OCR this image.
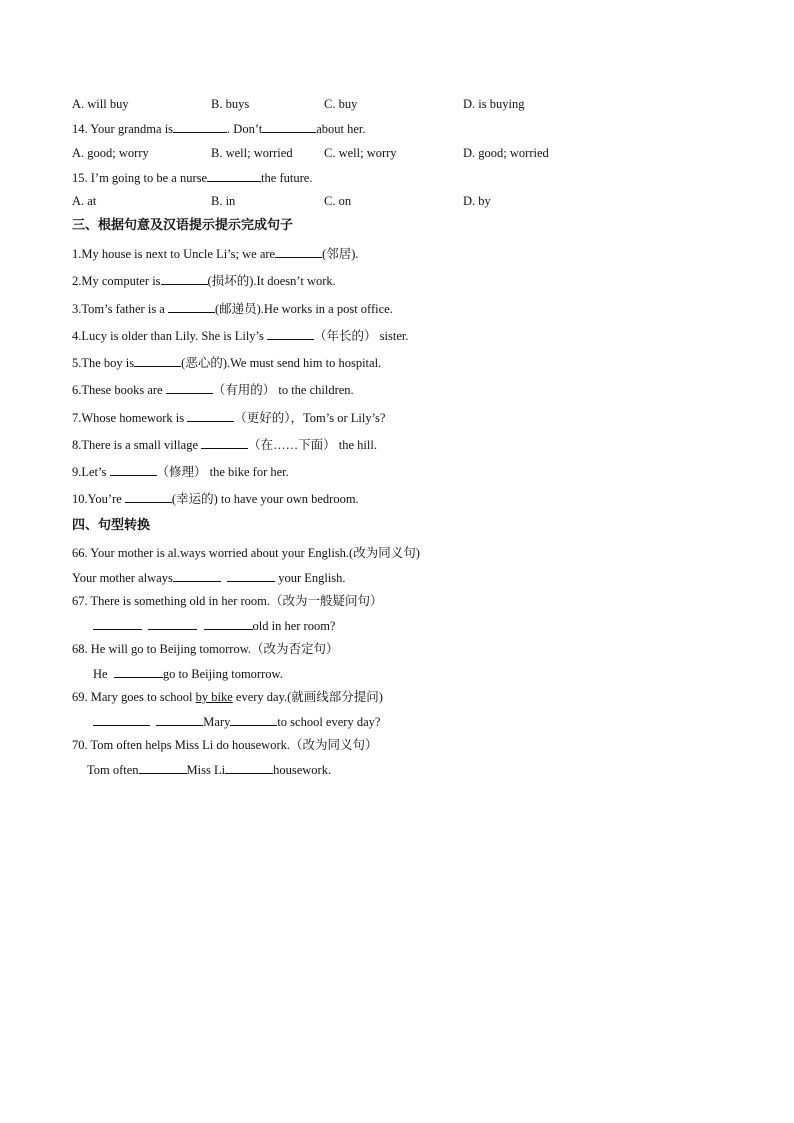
A. will buy	B. buys	C. buy	D. is buying
14. Your grandma is	. Don’t	about her.
A. good; worry	B. well; worried	C. well; worry	D. good; worried
15. I’m going to be a nurse	the future.
A. at	B. in	C. on	D. by
三、根据句意及汉语提示提示完成句子
1.My house is next to Uncle Li’s; we are	(邻居).
2.My computer is	(损坏的).It doesn’t work.
3.Tom’s father is a	(邮递员).He works in a post office.
4.Lucy is older than Lily. She is Lily’s	（年长的） sister.
5.The boy is	(恶心的).We must send him to hospital.
6.These books are	（有用的） to the children.
7.Whose homework is	（更好的），Tom’s or Lily’s?
8.There is a small village	（在……下面） the hill.
9.Let’s	（修理） the bike for her.
10.You’re	(幸运的) to have your own bedroom.
四、句型转换
66. Your mother is al.ways worried about your English.(改为同义句)
Your mother always	your English.
67. There is something old in her room.（改为一般疑问句）
old in her room?
68. He will go to Beijing tomorrow.（改为否定句）
He	go to Beijing tomorrow.
69. Mary goes to school by bike every day.(就画线部分提问)
Mary	to school every day?
70. Tom often helps Miss Li do housework.（改为同义句）
Tom often	Miss Li	housework.
